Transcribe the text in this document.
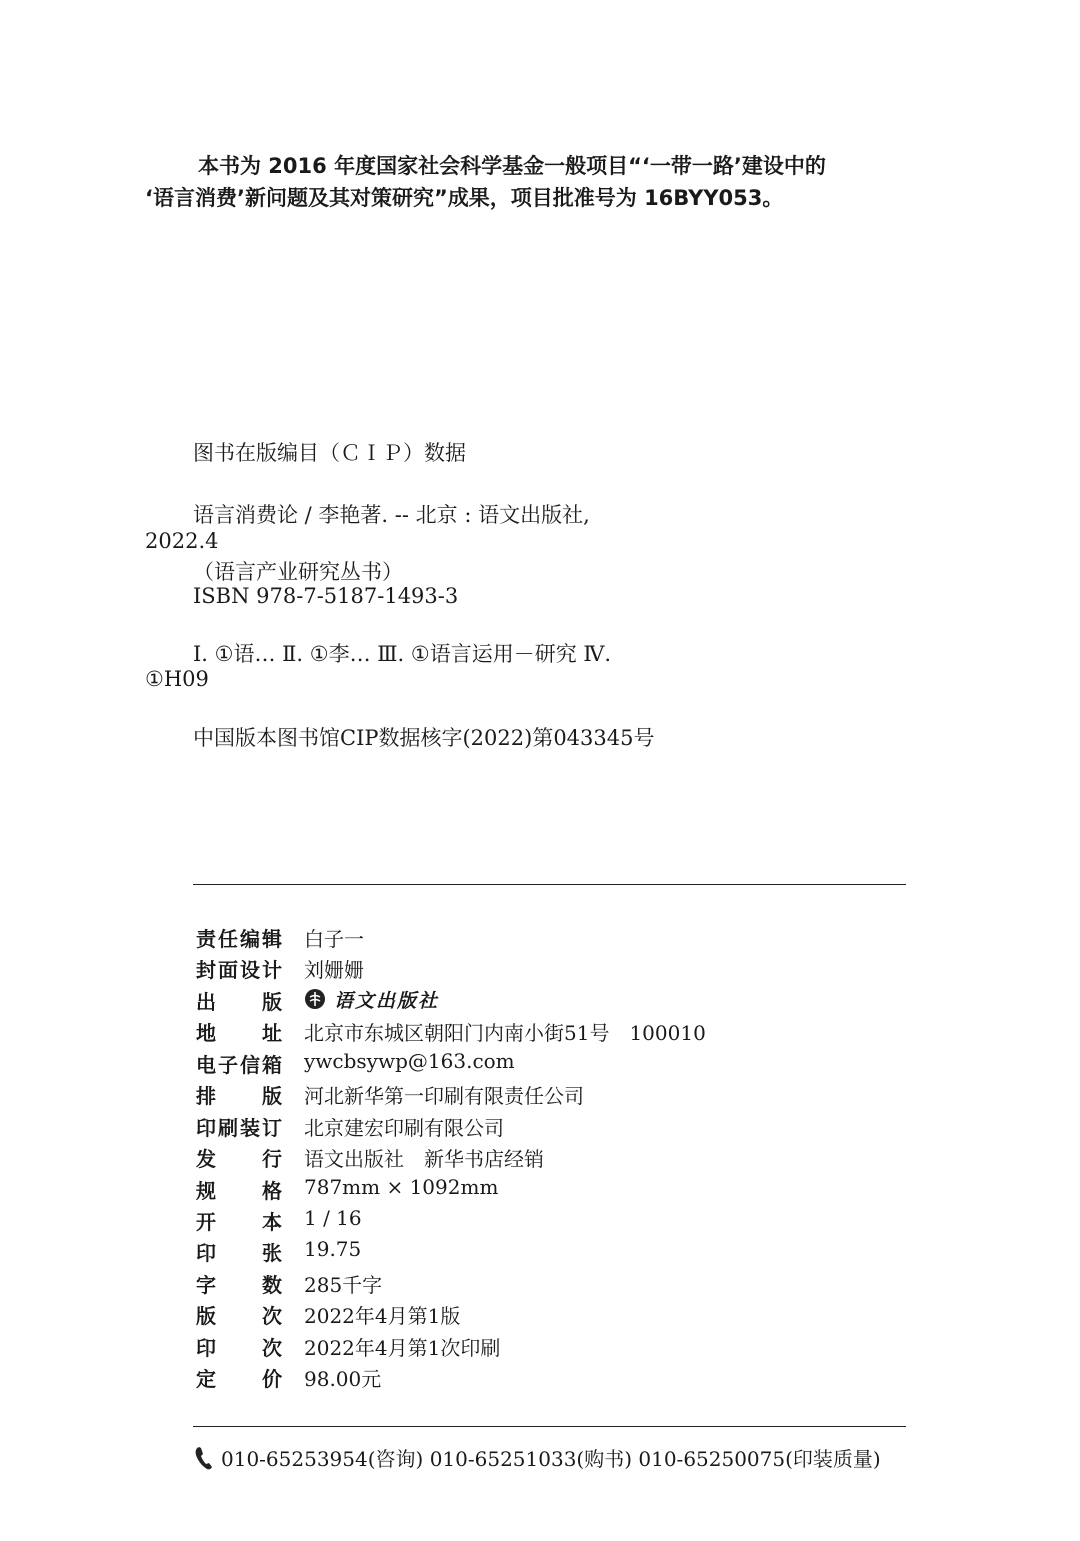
本书为 2016 年度国家社会科学基金一般项目“‘一带一路’建设中的
‘语言消费’新问题及其对策研究”成果，项目批准号为 16BYY053。
图书在版编目（ＣＩＰ）数据
语言消费论 / 李艳著. -- 北京 : 语文出版社,
2022.4
（语言产业研究丛书）
ISBN 978-7-5187-1493-3
Ⅰ. ①语… Ⅱ. ①李… Ⅲ. ①语言运用－研究 Ⅳ.
①H09
中国版本图书馆CIP数据核字(2022)第043345号
责任编辑 白子一
封面设计 刘姗姗
出版	语文出版社
地址 北京市东城区朝阳门内南小街51号　100010
电子信箱 ywcbsywp@163.com
排版 河北新华第一印刷有限责任公司
印刷装订 北京建宏印刷有限公司
发行 语文出版社　新华书店经销
规格 787mm × 1092mm
开本 1 / 16
印张 19.75
字数 285千字
版次 2022年4月第1版
印次 2022年4月第1次印刷
定价 98.00元
010-65253954(咨询) 010-65251033(购书) 010-65250075(印装质量)
